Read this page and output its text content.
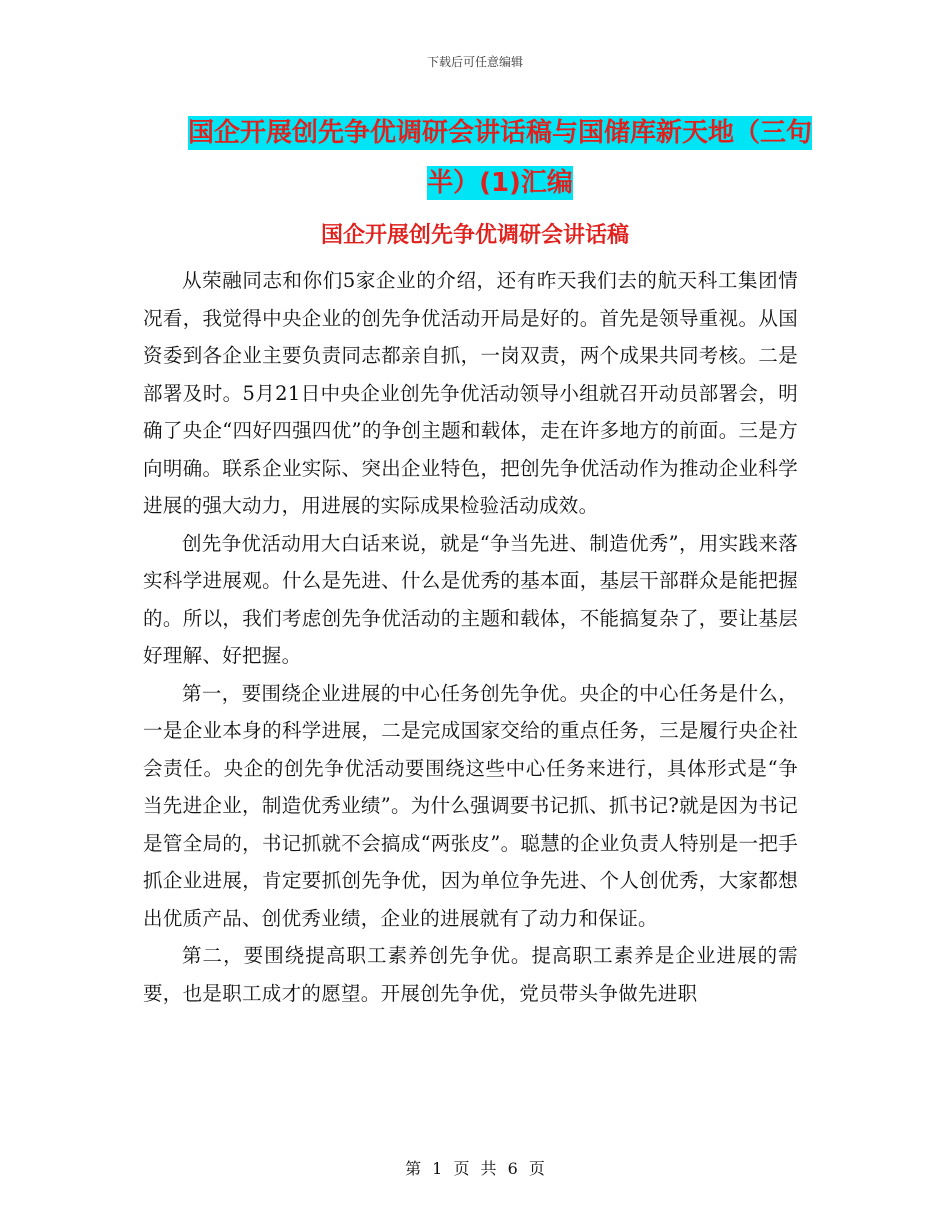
下载后可任意编辑
国企开展创先争优调研会讲话稿与国储库新天地（三句半）(1)汇编
国企开展创先争优调研会讲话稿

从荣融同志和你们5家企业的介绍，还有昨天我们去的航天科工集团情况看，我觉得中央企业的创先争优活动开局是好的。首先是领导重视。从国资委到各企业主要负责同志都亲自抓，一岗双责，两个成果共同考核。二是部署及时。5月21日中央企业创先争优活动领导小组就召开动员部署会，明确了央企“四好四强四优”的争创主题和载体，走在许多地方的前面。三是方向明确。联系企业实际、突出企业特色，把创先争优活动作为推动企业科学进展的强大动力，用进展的实际成果检验活动成效。

创先争优活动用大白话来说，就是“争当先进、制造优秀”，用实践来落实科学进展观。什么是先进、什么是优秀的基本面，基层干部群众是能把握的。所以，我们考虑创先争优活动的主题和载体，不能搞复杂了，要让基层好理解、好把握。

第一，要围绕企业进展的中心任务创先争优。央企的中心任务是什么，一是企业本身的科学进展，二是完成国家交给的重点任务，三是履行央企社会责任。央企的创先争优活动要围绕这些中心任务来进行，具体形式是“争当先进企业，制造优秀业绩”。为什么强调要书记抓、抓书记?就是因为书记是管全局的，书记抓就不会搞成“两张皮”。聪慧的企业负责人特别是一把手抓企业进展，肯定要抓创先争优，因为单位争先进、个人创优秀，大家都想出优质产品、创优秀业绩，企业的进展就有了动力和保证。

第二，要围绕提高职工素养创先争优。提高职工素养是企业进展的需要，也是职工成才的愿望。开展创先争优，党员带头争做先进职

第 1 页 共 6 页
